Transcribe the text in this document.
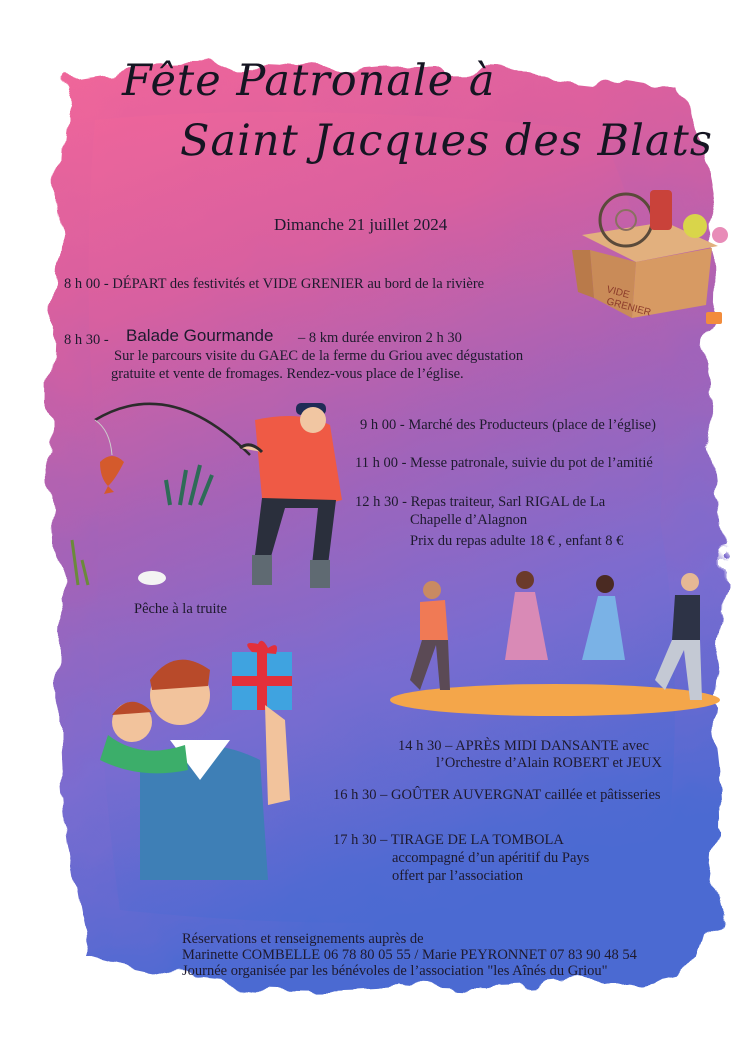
VIDE
GRENIER
Fête Patronale à
Saint Jacques des Blats
Dimanche 21 juillet 2024
8 h 00 - DÉPART des festivités et VIDE GRENIER au bord de la rivière
8 h 30 - Balade Gourmande – 8 km durée environ 2 h 30
Sur le parcours visite du GAEC de la ferme du Griou avec dégustation
gratuite et vente de fromages. Rendez-vous place de l’église.
9 h 00 - Marché des Producteurs (place de l’église)
11 h 00 - Messe patronale, suivie du pot de l’amitié
12 h 30 - Repas traiteur, Sarl RIGAL de La
Chapelle d’Alagnon
Prix du repas adulte 18 € , enfant 8 €
Pêche à la truite
14 h 30 – APRÈS MIDI DANSANTE avec
l’Orchestre d’Alain ROBERT et JEUX
16 h 30 – GOÛTER AUVERGNAT caillée et pâtisseries
17 h 30 – TIRAGE DE LA TOMBOLA
accompagné d’un apéritif du Pays
offert par l’association
Réservations et renseignements auprès de
Marinette COMBELLE 06 78 80 05 55 / Marie PEYRONNET 07 83 90 48 54
Journée organisée par les bénévoles de l’association "les Aînés du Griou"
